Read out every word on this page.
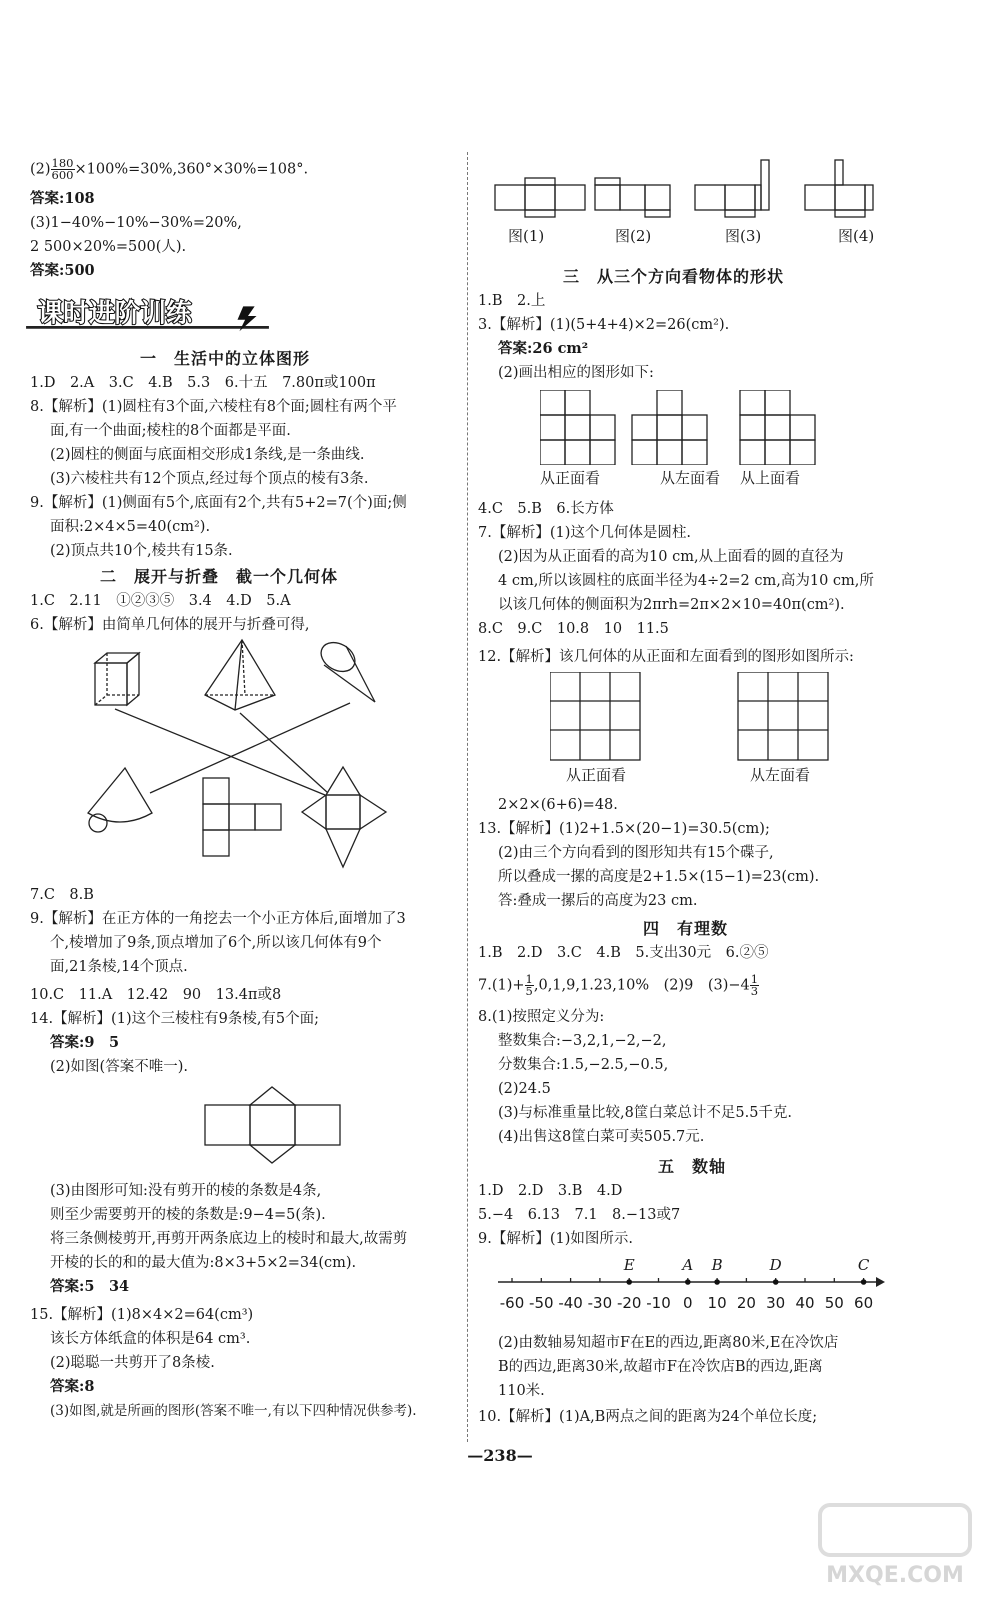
$(2) \frac{180}{600} \times 100\%=30\%,360^\circ\times 30\%=108^\circ$.
答案:108
(3)1−40%−10%−30%=20%,
2 500×20%=500(人).
答案:500
课时进阶训练
一　生活中的立体图形
1.D　2.A　3.C　4.B　5.3　6.十五　7.80π或100π
8.【解析】(1)圆柱有3个面,六棱柱有8个面;圆柱有两个平
面,有一个曲面;棱柱的8个面都是平面.
(2)圆柱的侧面与底面相交形成1条线,是一条曲线.
(3)六棱柱共有12个顶点,经过每个顶点的棱有3条.
9.【解析】(1)侧面有5个,底面有2个,共有5+2=7(个)面;侧
面积:2×4×5=40(cm²).
(2)顶点共10个,棱共有15条.
二　展开与折叠　截一个几何体
1.C　2.11　①②③⑤　3.4　4.D　5.A
6.【解析】由简单几何体的展开与折叠可得,
7.C　8.B
9.【解析】在正方体的一角挖去一个小正方体后,面增加了3
个,棱增加了9条,顶点增加了6个,所以该几何体有9个
面,21条棱,14个顶点.
10.C　11.A　12.42　90　13.4π或8
14.【解析】(1)这个三棱柱有9条棱,有5个面;
答案:9　5
(2)如图(答案不唯一).
(3)由图形可知:没有剪开的棱的条数是4条,
则至少需要剪开的棱的条数是:9−4=5(条).
将三条侧棱剪开,再剪开两条底边上的棱时和最大,故需剪
开棱的长的和的最大值为:8×3+5×2=34(cm).
答案:5　34
15.【解析】(1)8×4×2=64(cm³)
该长方体纸盒的体积是64 cm³.
(2)聪聪一共剪开了8条棱.
答案:8
(3)如图,就是所画的图形(答案不唯一,有以下四种情况供参考).
图(1)	图(2)	图(3)	图(4)
三　从三个方向看物体的形状
1.B　2.上
3.【解析】(1)(5+4+4)×2=26(cm²).
答案:26 cm²
(2)画出相应的图形如下:
从正面看	从左面看 从上面看
4.C　5.B　6.长方体
7.【解析】(1)这个几何体是圆柱.
(2)因为从正面看的高为10 cm,从上面看的圆的直径为
4 cm,所以该圆柱的底面半径为4÷2=2 cm,高为10 cm,所
以该几何体的侧面积为2πrh=2π×2×10=40π(cm²).
8.C　9.C　10.8　10　11.5
12.【解析】该几何体的从正面和左面看到的图形如图所示:
从正面看	从左面看
2×2×(6+6)=48.
13.【解析】(1)2+1.5×(20−1)=30.5(cm);
(2)由三个方向看到的图形知共有15个碟子,
所以叠成一摞的高度是2+1.5×(15−1)=23(cm).
答:叠成一摞后的高度为23 cm.
四　有理数
1.B　2.D　3.C　4.B　5.支出30元　6.②⑤
$7.(1)+ \frac{1}{5} ,0,1,9,1.23,10\%$　(2)9　$(3)-4 \frac{1}{3}$
8.(1)按照定义分为:
整数集合:−3,2,1,−2,−2,
分数集合:1.5,−2.5,−0.5,
(2)24.5
(3)与标准重量比较,8筐白菜总计不足5.5千克.
(4)出售这8筐白菜可卖505.7元.
五　数轴
1.D　2.D　3.B　4.D
5.−4　6.13　7.1　8.−13或7
9.【解析】(1)如图所示.
-60 -50 -40 -30 -20 -10 0 10 20 30 40 50 60
E	A B	D	C
(2)由数轴易知超市F在E的西边,距离80米,E在冷饮店
B的西边,距离30米,故超市F在冷饮店B的西边,距离
110米.
10.【解析】(1)A,B两点之间的距离为24个单位长度;
—238—
MXQE.COM
